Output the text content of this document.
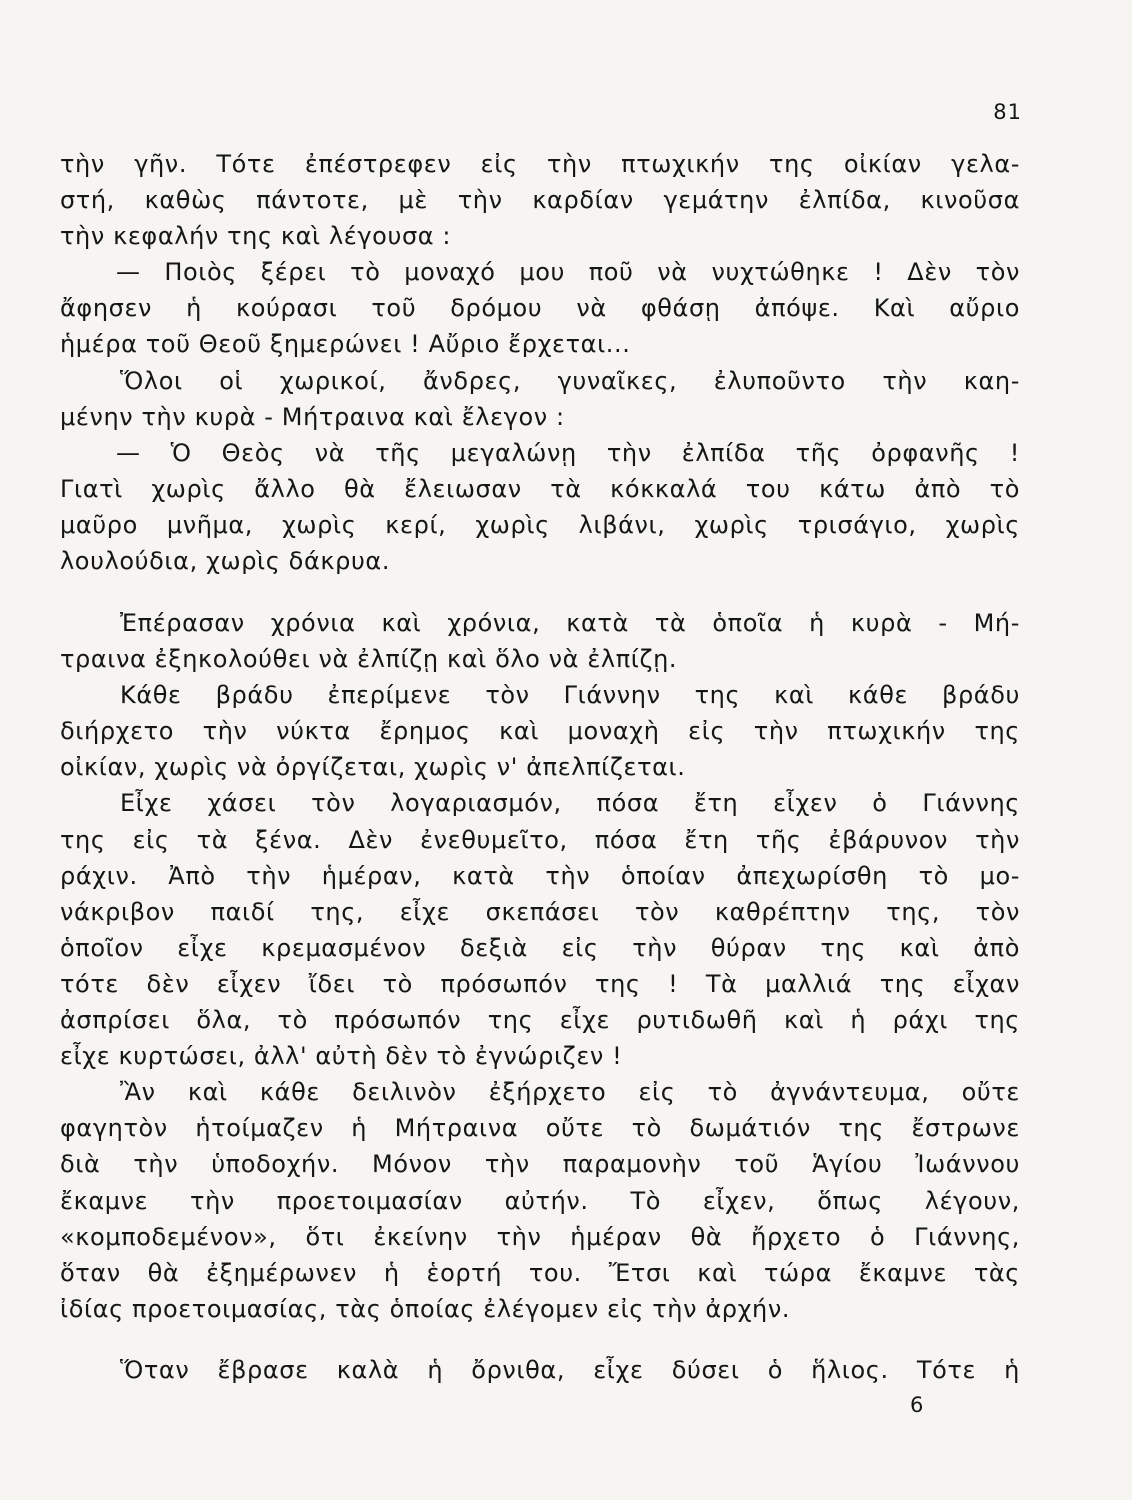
81
τὴν γῆν. Τότε ἐπέστρεφεν εἰς τὴν πτωχικήν της οἰκίαν γελα-
στή, καθὼς πάντοτε, μὲ τὴν καρδίαν γεμάτην ἐλπίδα, κινοῦσα
τὴν κεφαλήν της καὶ λέγουσα :
— Ποιὸς ξέρει τὸ μοναχό μου ποῦ νὰ νυχτώθηκε ! Δὲν τὸν
ἄφησεν ἡ κούρασι τοῦ δρόμου νὰ φθάσῃ ἀπόψε. Καὶ αὔριο
ἡμέρα τοῦ Θεοῦ ξημερώνει ! Αὔριο ἔρχεται...
Ὅλοι οἱ χωρικοί, ἄνδρες, γυναῖκες, ἐλυποῦντο τὴν καη-
μένην τὴν κυρὰ - Μήτραινα καὶ ἔλεγον :
— Ὁ Θεὸς νὰ τῆς μεγαλώνῃ τὴν ἐλπίδα τῆς ὀρφανῆς !
Γιατὶ χωρὶς ἄλλο θὰ ἔλειωσαν τὰ κόκκαλά του κάτω ἀπὸ τὸ
μαῦρο μνῆμα, χωρὶς κερί, χωρὶς λιβάνι, χωρὶς τρισάγιο, χωρὶς
λουλούδια, χωρὶς δάκρυα.
Ἐπέρασαν χρόνια καὶ χρόνια, κατὰ τὰ ὁποῖα ἡ κυρὰ - Μή-
τραινα ἐξηκολούθει νὰ ἐλπίζῃ καὶ ὅλο νὰ ἐλπίζῃ.
Κάθε βράδυ ἐπερίμενε τὸν Γιάννην της καὶ κάθε βράδυ
διήρχετο τὴν νύκτα ἔρημος καὶ μοναχὴ εἰς τὴν πτωχικήν της
οἰκίαν, χωρὶς νὰ ὀργίζεται, χωρὶς ν' ἀπελπίζεται.
Εἶχε χάσει τὸν λογαριασμόν, πόσα ἔτη εἶχεν ὁ Γιάννης
της εἰς τὰ ξένα. Δὲν ἐνεθυμεῖτο, πόσα ἔτη τῆς ἐβάρυνον τὴν
ράχιν. Ἀπὸ τὴν ἡμέραν, κατὰ τὴν ὁποίαν ἀπεχωρίσθη τὸ μο-
νάκριβον παιδί της, εἶχε σκεπάσει τὸν καθρέπτην της, τὸν
ὁποῖον εἶχε κρεμασμένον δεξιὰ εἰς τὴν θύραν της καὶ ἀπὸ
τότε δὲν εἶχεν ἴδει τὸ πρόσωπόν της ! Τὰ μαλλιά της εἶχαν
ἀσπρίσει ὅλα, τὸ πρόσωπόν της εἶχε ρυτιδωθῆ καὶ ἡ ράχι της
εἶχε κυρτώσει, ἀλλ' αὐτὴ δὲν τὸ ἐγνώριζεν !
Ἂν καὶ κάθε δειλινὸν ἐξήρχετο εἰς τὸ ἀγνάντευμα, οὔτε
φαγητὸν ἡτοίμαζεν ἡ Μήτραινα οὔτε τὸ δωμάτιόν της ἔστρωνε
διὰ τὴν ὑποδοχήν. Μόνον τὴν παραμονὴν τοῦ Ἁγίου Ἰωάννου
ἔκαμνε τὴν προετοιμασίαν αὐτήν. Τὸ εἶχεν, ὅπως λέγουν,
«κομποδεμένον», ὅτι ἐκείνην τὴν ἡμέραν θὰ ἤρχετο ὁ Γιάννης,
ὅταν θὰ ἐξημέρωνεν ἡ ἑορτή του. Ἔτσι καὶ τώρα ἔκαμνε τὰς
ἰδίας προετοιμασίας, τὰς ὁποίας ἐλέγομεν εἰς τὴν ἀρχήν.
Ὅταν ἔβρασε καλὰ ἡ ὄρνιθα, εἶχε δύσει ὁ ἥλιος. Τότε ἡ
6
